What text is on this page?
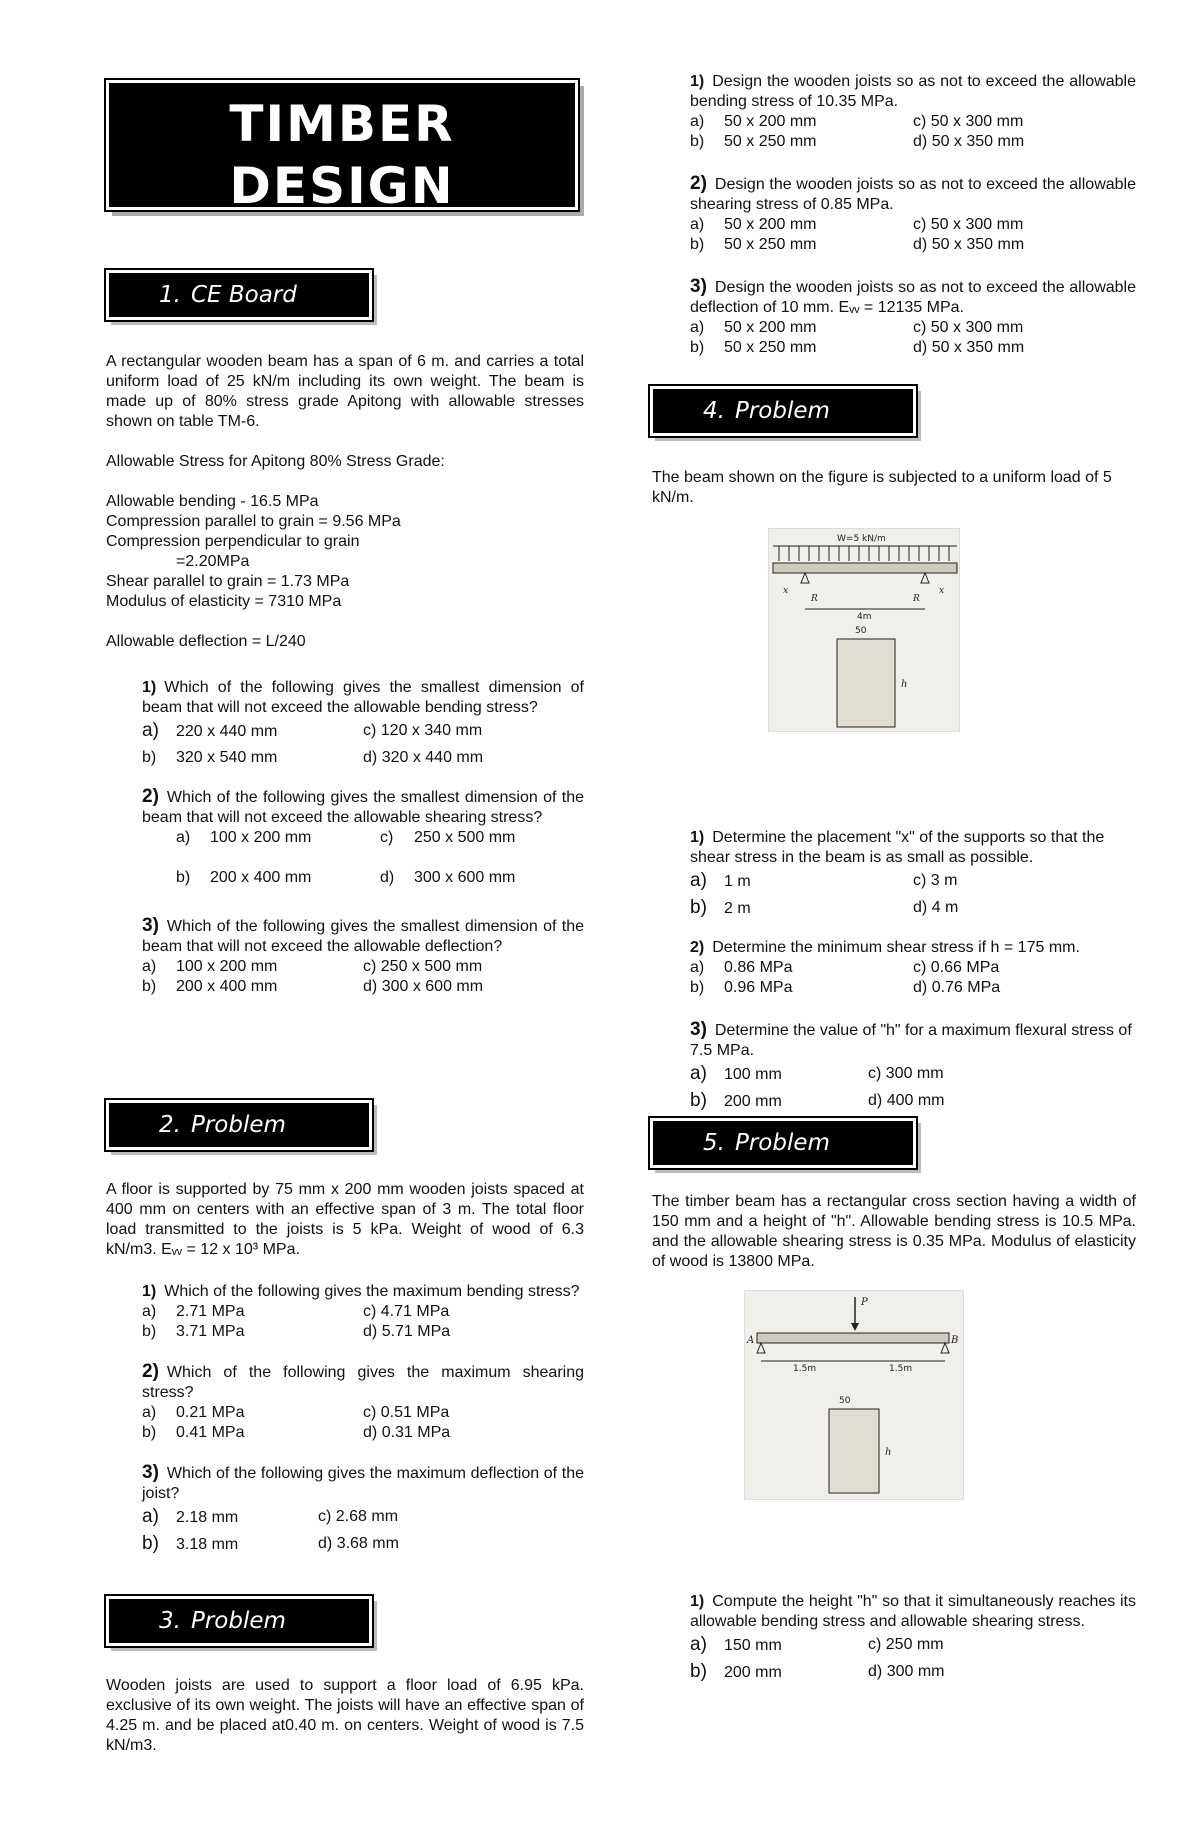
TIMBER DESIGN
1. CE Board

A rectangular wooden beam has a span of 6 m. and carries a total uniform load of 25 kN/m including its own weight. The beam is made up of 80% stress grade Apitong with allowable stresses shown on table TM-6.

Allowable Stress for Apitong 80% Stress Grade:

Allowable bending - 16.5 MPa
Compression parallel to grain = 9.56 MPa
Compression perpendicular to grain
=2.20MPa
Shear parallel to grain = 1.73 MPa
Modulus of elasticity = 7310 MPa

Allowable deflection = L/240

1) Which of the following gives the smallest dimension of beam that will not exceed the allowable bending stress?

a) 220 x 440 mm	c) 120 x 340 mm
b) 320 x 540 mm	d) 320 x 440 mm

2) Which of the following gives the smallest dimension of the beam that will not exceed the allowable shearing stress?

a) 100 x 200 mm	c) 250 x 500 mm
b) 200 x 400 mm	d) 300 x 600 mm

3) Which of the following gives the smallest dimension of the beam that will not exceed the allowable deflection?

a) 100 x 200 mm	c) 250 x 500 mm
b) 200 x 400 mm	d) 300 x 600 mm
2. Problem

A floor is supported by 75 mm x 200 mm wooden joists spaced at 400 mm on centers with an effective span of 3 m. The total floor load transmitted to the joists is 5 kPa. Weight of wood of 6.3 kN/m3. Eᵥᵥ = 12 x 10³ MPa.

1) Which of the following gives the maximum bending stress?

a) 2.71 MPa	c) 4.71 MPa
b) 3.71 MPa	d) 5.71 MPa

2) Which of the following gives the maximum shearing stress?

a) 0.21 MPa	c) 0.51 MPa
b) 0.41 MPa	d) 0.31 MPa

3) Which of the following gives the maximum deflection of the joist?

a) 2.18 mm	c) 2.68 mm
b) 3.18 mm	d) 3.68 mm
3. Problem

Wooden joists are used to support a floor load of 6.95 kPa. exclusive of its own weight. The joists will have an effective span of 4.25 m. and be placed at0.40 m. on centers. Weight of wood is 7.5 kN/m3.

1) Design the wooden joists so as not to exceed the allowable bending stress of 10.35 MPa.

a) 50 x 200 mm	c) 50 x 300 mm
b) 50 x 250 mm	d) 50 x 350 mm

2) Design the wooden joists so as not to exceed the allowable shearing stress of 0.85 MPa.

a) 50 x 200 mm	c) 50 x 300 mm
b) 50 x 250 mm	d) 50 x 350 mm

3) Design the wooden joists so as not to exceed the allowable deflection of 10 mm. Eᵥᵥ = 12135 MPa.

a) 50 x 200 mm	c) 50 x 300 mm
b) 50 x 250 mm	d) 50 x 350 mm
4. Problem

The beam shown on the figure is subjected to a uniform load of 5 kN/m.

W=5 kN/m
R	R
x	x
4m
50
h

1) Determine the placement "x" of the supports so that the shear stress in the beam is as small as possible.

a) 1 m	c) 3 m
b) 2 m	d) 4 m

2) Determine the minimum shear stress if h = 175 mm.

a) 0.86 MPa	c) 0.66 MPa
b) 0.96 MPa	d) 0.76 MPa

3) Determine the value of "h" for a maximum flexural stress of 7.5 MPa.

a) 100 mm	c) 300 mm
b) 200 mm	d) 400 mm
5. Problem

The timber beam has a rectangular cross section having a width of 150 mm and a height of "h". Allowable bending stress is 10.5 MPa. and the allowable shearing stress is 0.35 MPa. Modulus of elasticity of wood is 13800 MPa.

P
A	B
1.5m	1.5m
50
h

1) Compute the height "h" so that it simultaneously reaches its allowable bending stress and allowable shearing stress.

a) 150 mm	c) 250 mm
b) 200 mm	d) 300 mm
